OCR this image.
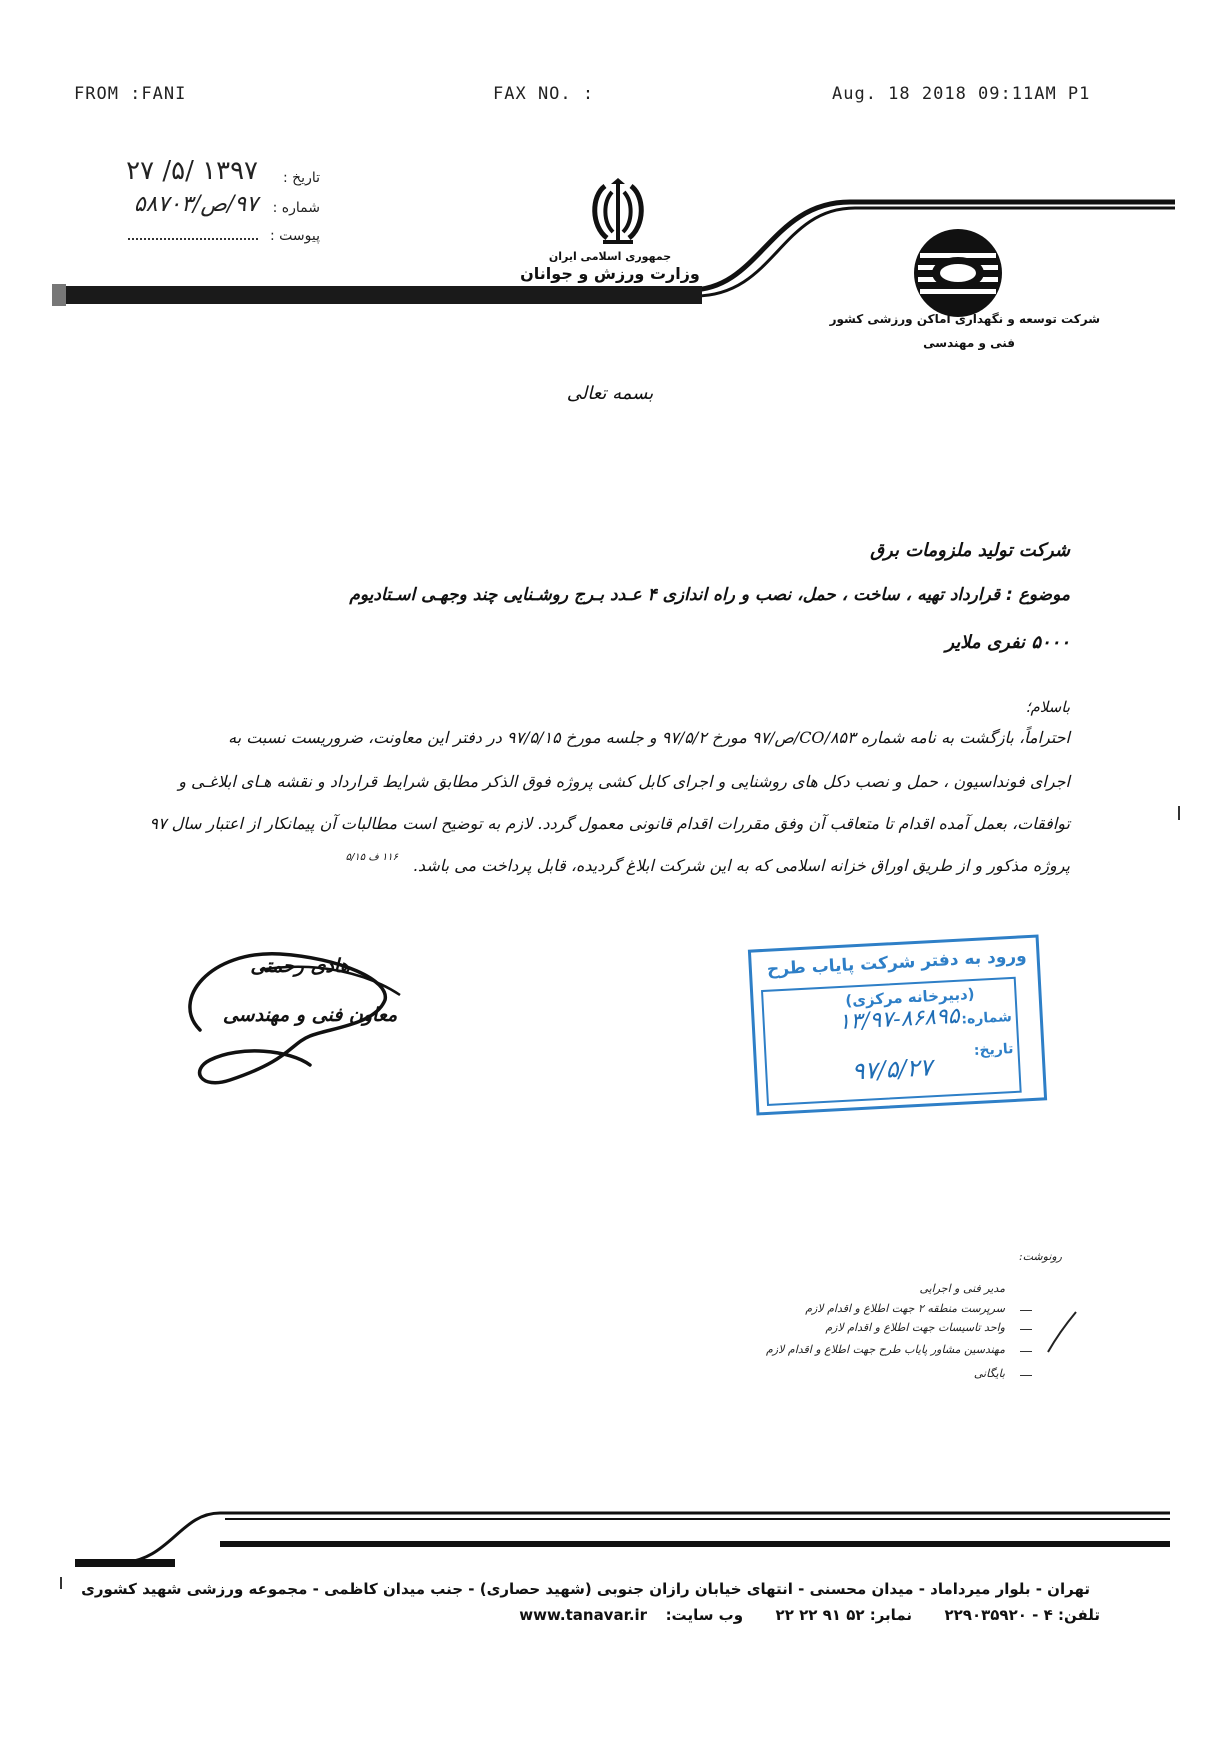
FROM :FANI	FAX NO. :	Aug. 18 2018 09:11AM P1
تاریخ :
۱۳۹۷ /۵/ ۲۷
شماره :
۹۷/ص/۵۸۷۰۳
پیوست :
جمهوری اسلامی ایران
وزارت ورزش و جوانان
شرکت توسعه و نگهداری اماکن ورزشی کشور
فنی و مهندسی
بسمه تعالی
شرکت تولید ملزومات برق
موضوع : قرارداد تهیه ، ساخت ، حمل، نصب و راه اندازی ۴ عـدد بـرج روشـنایی چند وجهـی اسـتادیوم
۵۰۰۰ نفری ملایر
باسلام؛
احتراماً، بازگشت به نامه شماره CO/۸۵۳/ص/۹۷ مورخ ۹۷/۵/۲ و جلسه مورخ ۹۷/۵/۱۵ در دفتر این معاونت، ضروریست نسبت به
اجرای فونداسیون ، حمل و نصب دکل های روشنایی و اجرای کابل کشی پروژه فوق الذکر مطابق شرایط قرارداد و نقشه هـای ابلاغـی و
توافقات، بعمل آمده اقدام تا متعاقب آن وفق مقررات اقدام قانونی معمول گردد. لازم به توضیح است مطالبات آن پیمانکار از اعتبار سال ۹۷
پروژه مذکور و از طریق اوراق خزانه اسلامی که به این شرکت ابلاغ گردیده، قابل پرداخت می باشد.
۱۱۶ ف ۵/۱۵
هادی رحمتی
معاون فنی و مهندسی
ورود به دفتر شرکت پایاب طرح
(دبیرخانه مرکزی)
شماره:
۱۳/۹۷-۸۶۸۹۵
تاریخ:
۹۷/۵/۲۷
رونوشت:
مدیر فنی و اجرایی
سرپرست منطقه ۲ جهت اطلاع و اقدام لازم
واحد تاسیسات جهت اطلاع و اقدام لازم
مهندسین مشاور پایاب طرح جهت اطلاع و اقدام لازم
بایگانی
تهران - بلوار میرداماد - میدان محسنی - انتهای خیابان رازان جنوبی (شهید حصاری) - جنب میدان کاظمی - مجموعه ورزشی شهید کشوری
تلفن: ۴ - ۲۲۹۰۳۵۹۲۰  نمابر: ۵۲ ۹۱ ۲۲ ۲۲  وب سایت:  www.tanavar.ir
